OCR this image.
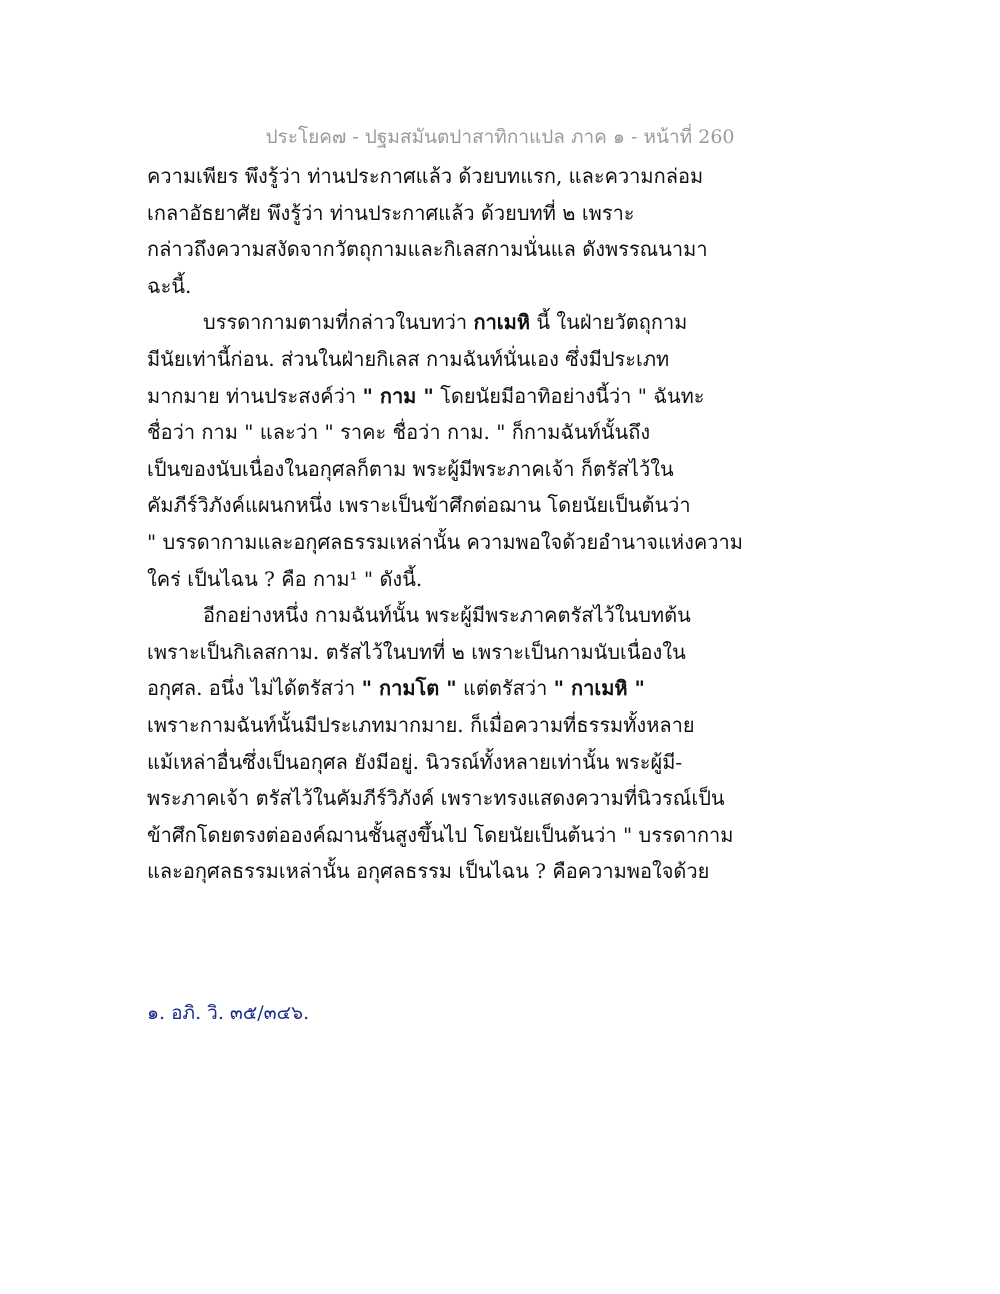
ประโยค๗ - ปฐมสมันตปาสาทิกาแปล ภาค ๑ - หน้าที่ 260
ความเพียร พึงรู้ว่า ท่านประกาศแล้ว ด้วยบทแรก, และความกล่อม
เกลาอัธยาศัย พึงรู้ว่า ท่านประกาศแล้ว ด้วยบทที่ ๒ เพราะ
กล่าวถึงความสงัดจากวัตถุกามและกิเลสกามนั่นแล ดังพรรณนามา
ฉะนี้.
บรรดากามตามที่กล่าวในบทว่า กาเมหิ นี้ ในฝ่ายวัตถุกาม
มีนัยเท่านี้ก่อน. ส่วนในฝ่ายกิเลส กามฉันท์นั่นเอง ซึ่งมีประเภท
มากมาย ท่านประสงค์ว่า " กาม " โดยนัยมีอาทิอย่างนี้ว่า " ฉันทะ
ชื่อว่า กาม " และว่า " ราคะ ชื่อว่า กาม. " ก็กามฉันท์นั้นถึง
เป็นของนับเนื่องในอกุศลก็ตาม พระผู้มีพระภาคเจ้า ก็ตรัสไว้ใน
คัมภีร์วิภังค์แผนกหนึ่ง เพราะเป็นข้าศึกต่อฌาน โดยนัยเป็นต้นว่า
" บรรดากามและอกุศลธรรมเหล่านั้น ความพอใจด้วยอำนาจแห่งความ
ใคร่ เป็นไฉน ? คือ กาม¹ " ดังนี้.
อีกอย่างหนึ่ง กามฉันท์นั้น พระผู้มีพระภาคตรัสไว้ในบทต้น
เพราะเป็นกิเลสกาม. ตรัสไว้ในบทที่ ๒ เพราะเป็นกามนับเนื่องใน
อกุศล. อนึ่ง ไม่ได้ตรัสว่า " กามโต " แต่ตรัสว่า " กาเมหิ "
เพราะกามฉันท์นั้นมีประเภทมากมาย. ก็เมื่อความที่ธรรมทั้งหลาย
แม้เหล่าอื่นซึ่งเป็นอกุศล ยังมีอยู่. นิวรณ์ทั้งหลายเท่านั้น พระผู้มี-
พระภาคเจ้า ตรัสไว้ในคัมภีร์วิภังค์ เพราะทรงแสดงความที่นิวรณ์เป็น
ข้าศึกโดยตรงต่อองค์ฌานชั้นสูงขึ้นไป โดยนัยเป็นต้นว่า " บรรดากาม
และอกุศลธรรมเหล่านั้น อกุศลธรรม เป็นไฉน ? คือความพอใจด้วย
๑. อภิ. วิ. ๓๕/๓๔๖.
